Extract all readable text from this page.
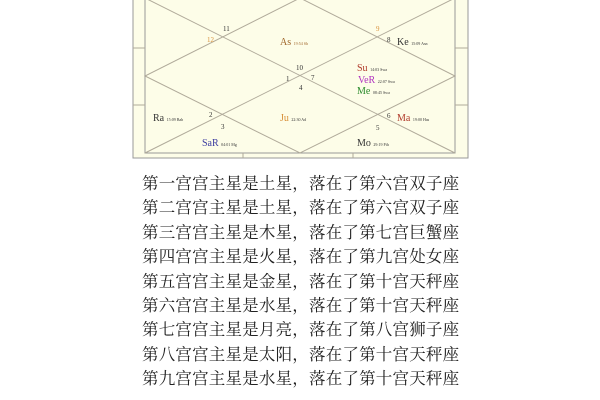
11
12
9
8
10
1	7
4
2
3
6
5
As 19:54 Sh	Ke 15:09 Asn
Su 14:03 Swa
VeR 22:07 Swa
Me 08:45 Swa
Ra 15:09 Bah	Ju 22:30 Ad	Ma 19:00 Has
SaR 04:01 Mg	Mo 29:19 Pih
第一宫宫主星是土星，落在了第六宫双子座
第二宫宫主星是土星，落在了第六宫双子座
第三宫宫主星是木星，落在了第七宫巨蟹座
第四宫宫主星是火星，落在了第九宫处女座
第五宫宫主星是金星，落在了第十宫天秤座
第六宫宫主星是水星，落在了第十宫天秤座
第七宫宫主星是月亮，落在了第八宫狮子座
第八宫宫主星是太阳，落在了第十宫天秤座
第九宫宫主星是水星，落在了第十宫天秤座
